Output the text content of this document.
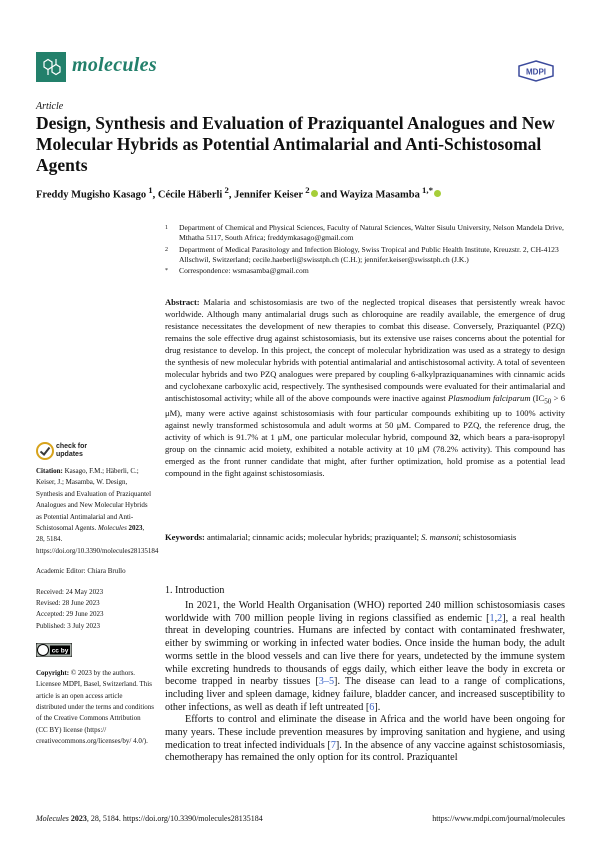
molecules	MDPI
Article
Design, Synthesis and Evaluation of Praziquantel Analogues and New Molecular Hybrids as Potential Antimalarial and Anti-Schistosomal Agents
Freddy Mugisho Kasago $^1$, Cécile Häberli $^2$, Jennifer Keiser $^2$ and Wayiza Masamba $^{1,*}$
1	Department of Chemical and Physical Sciences, Faculty of Natural Sciences, Walter Sisulu University, Nelson Mandela Drive, Mthatha 5117, South Africa; freddymkasago@gmail.com
2	Department of Medical Parasitology and Infection Biology, Swiss Tropical and Public Health Institute, Kreuzstr. 2, CH-4123 Allschwil, Switzerland; cecile.haeberli@swisstph.ch (C.H.); jennifer.keiser@swisstph.ch (J.K.)
*	Correspondence: wsmasamba@gmail.com
Abstract: Malaria and schistosomiasis are two of the neglected tropical diseases that persistently wreak havoc worldwide. Although many antimalarial drugs such as chloroquine are readily available, the emergence of drug resistance necessitates the development of new therapies to combat this disease. Conversely, Praziquantel (PZQ) remains the sole effective drug against schistosomiasis, but its extensive use raises concerns about the potential for drug resistance to develop. In this project, the concept of molecular hybridization was used as a strategy to design the synthesis of new molecular hybrids with potential antimalarial and antischistosomal activity. A total of seventeen molecular hybrids and two PZQ analogues were prepared by coupling 6-alkylpraziquanamines with cinnamic acids and cyclohexane carboxylic acid, respectively. The synthesised compounds were evaluated for their antimalarial and antischistosomal activity; while all of the above compounds were inactive against Plasmodium falciparum ($IC_{50} > 6$ μM), many were active against schistosomiasis with four particular compounds exhibiting up to 100% activity against newly transformed schistosomula and adult worms at 50 μM. Compared to PZQ, the reference drug, the activity of which is 91.7% at 1 μM, one particular molecular hybrid, compound 32, which bears a para-isopropyl group on the cinnamic acid moiety, exhibited a notable activity at 10 μM (78.2% activity). This compound has emerged as the front runner candidate that might, after further optimization, hold promise as a potential lead compound in the fight against schistosomiasis.
Keywords: antimalarial; cinnamic acids; molecular hybrids; praziquantel; S. mansoni; schistosomiasis
check for
updates

Citation: Kasago, F.M.; Häberli, C.; Keiser, J.; Masamba, W. Design, Synthesis and Evaluation of Praziquantel Analogues and New Molecular Hybrids as Potential Antimalarial and Anti-Schistosomal Agents. Molecules 2023, 28, 5184. https://doi.org/10.3390/molecules28135184

Academic Editor: Chiara Brullo

Received: 24 May 2023

Revised: 28 June 2023

Accepted: 29 June 2023

Published: 3 July 2023

cc by

Copyright: © 2023 by the authors. Licensee MDPI, Basel, Switzerland. This article is an open access article distributed under the terms and conditions of the Creative Commons Attribution (CC BY) license (https:// creativecommons.org/licenses/by/ 4.0/).

1. Introduction

In 2021, the World Health Organisation (WHO) reported 240 million schistosomiasis cases worldwide with 700 million people living in regions classified as endemic [1,2], a real health threat in developing countries. Humans are infected by contact with contaminated freshwater, either by swimming or working in infected water bodies. Once inside the human body, the adult worms settle in the blood vessels and can live there for years, undetected by the immune system while excreting hundreds to thousands of eggs daily, which either leave the body in excreta or become trapped in nearby tissues [3–5]. The disease can lead to a range of complications, including liver and spleen damage, kidney failure, bladder cancer, and increased susceptibility to other infections, as well as death if left untreated [6].

Efforts to control and eliminate the disease in Africa and the world have been ongoing for many years. These include prevention measures by improving sanitation and hygiene, and using medication to treat infected individuals [7]. In the absence of any vaccine against schistosomiasis, chemotherapy has remained the only option for its control. Praziquantel

Molecules 2023, 28, 5184. https://doi.org/10.3390/molecules28135184	https://www.mdpi.com/journal/molecules
